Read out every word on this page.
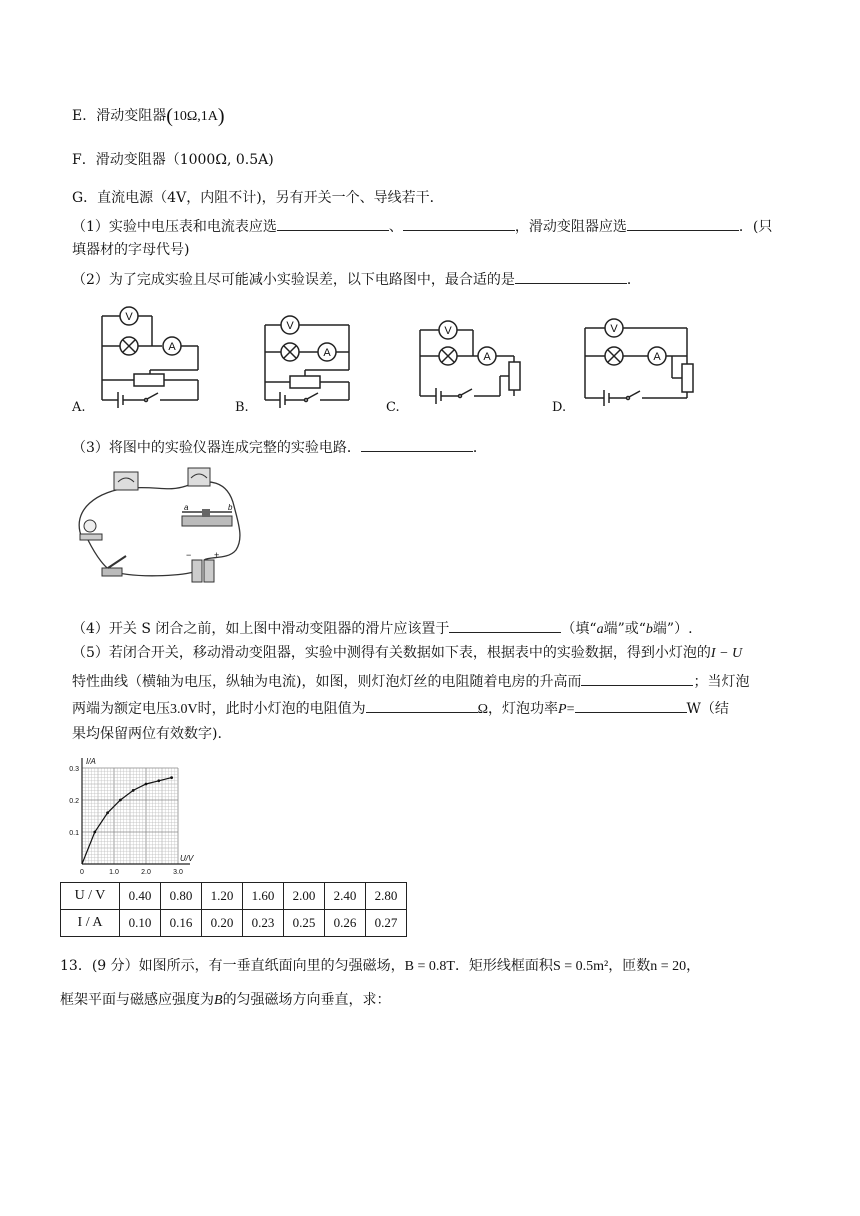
E．滑动变阻器(10Ω,1A)
F．滑动变阻器（1000Ω, 0.5A)
G．直流电源（4V，内阻不计)，另有开关一个、导线若干．
（1）实验中电压表和电流表应选	、	，滑动变阻器应选	．(只
填器材的字母代号)
（2）为了完成实验且尽可能减小实验误差，以下电路图中，最合适的是	．
V
A
V
A
V
A
V
A
A.	B.	C.	D.
（3）将图中的实验仪器连成完整的实验电路．	．
a	b
+
−
（4）开关 S 闭合之前，如上图中滑动变阻器的滑片应该置于	（填“a端”或“b端”）.
（5）若闭合开关，移动滑动变阻器，实验中测得有关数据如下表，根据表中的实验数据，得到小灯泡的I − U
特性曲线（横轴为电压，纵轴为电流)，如图，则灯泡灯丝的电阻随着电房的升高而	；当灯泡
两端为额定电压3.0V时，此时小灯泡的电阻值为	Ω，灯泡功率P=	W（结
果均保留两位有效数字).
0	1.0	2.0	3.0
0.1
0.2
0.3
I/A
U/V
U / V	0.40	0.80	1.20	1.60	2.00	2.40	2.80
I / A	0.10	0.16	0.20	0.23	0.25	0.26	0.27
13．(9 分）如图所示，有一垂直纸面向里的匀强磁场，B = 0.8T．矩形线框面积S = 0.5m²，匝数n = 20，
框架平面与磁感应强度为B的匀强磁场方向垂直，求：
